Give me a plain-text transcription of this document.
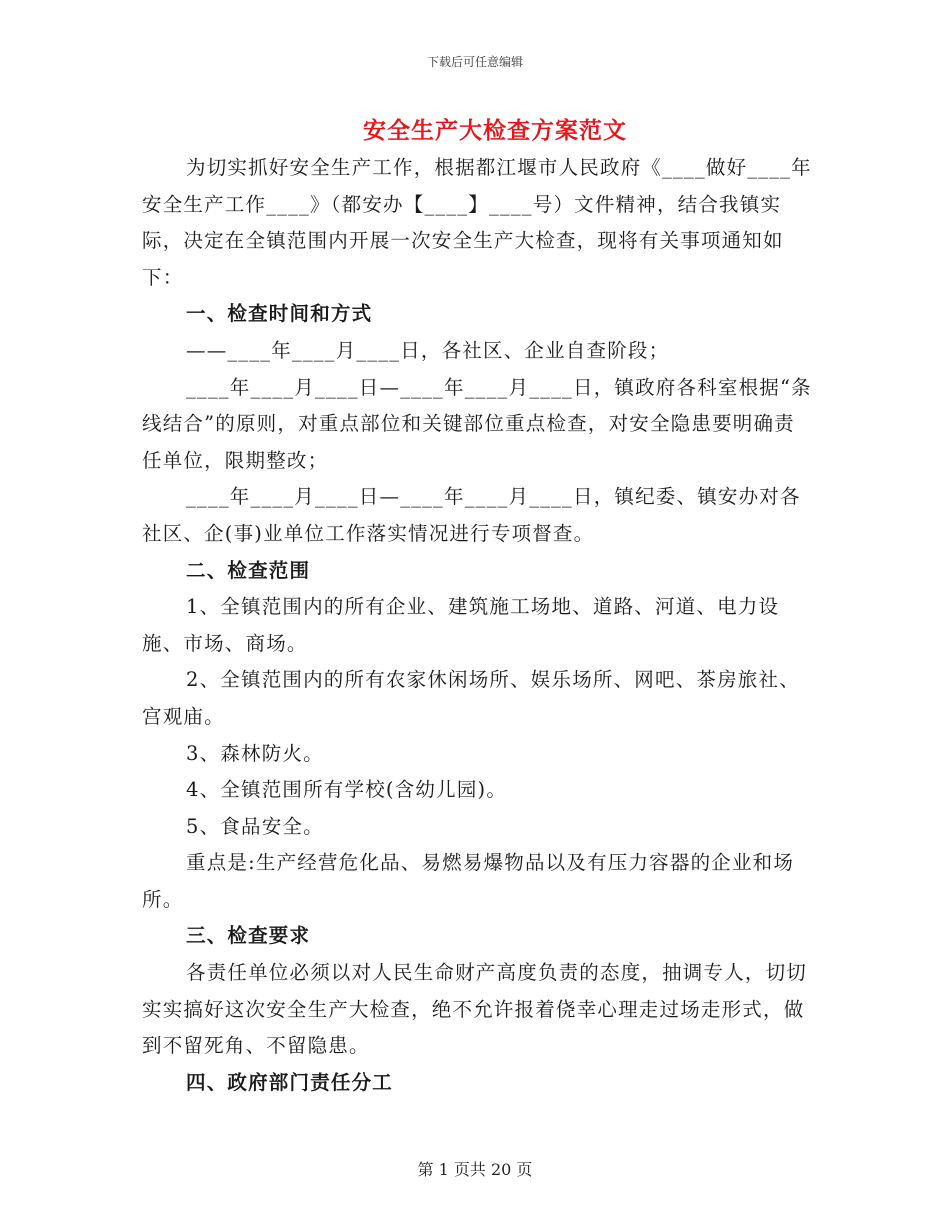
下载后可任意编辑
安全生产大检查方案范文

为切实抓好安全生产工作，根据都江堰市人民政府《____做好____年安全生产工作____》（都安办【____】____号）文件精神，结合我镇实际，决定在全镇范围内开展一次安全生产大检查，现将有关事项通知如下：

一、检查时间和方式

——____年____月____日，各社区、企业自查阶段；

____年____月____日—____年____月____日，镇政府各科室根据“条线结合”的原则，对重点部位和关键部位重点检查，对安全隐患要明确责任单位，限期整改；

____年____月____日—____年____月____日，镇纪委、镇安办对各社区、企(事)业单位工作落实情况进行专项督查。

二、检查范围

1、全镇范围内的所有企业、建筑施工场地、道路、河道、电力设施、市场、商场。

2、全镇范围内的所有农家休闲场所、娱乐场所、网吧、茶房旅社、宫观庙。

3、森林防火。

4、全镇范围所有学校(含幼儿园)。

5、食品安全。

重点是:生产经营危化品、易燃易爆物品以及有压力容器的企业和场所。

三、检查要求

各责任单位必须以对人民生命财产高度负责的态度，抽调专人，切切实实搞好这次安全生产大检查，绝不允许报着侥幸心理走过场走形式，做到不留死角、不留隐患。

四、政府部门责任分工

第 1 页共 20 页
